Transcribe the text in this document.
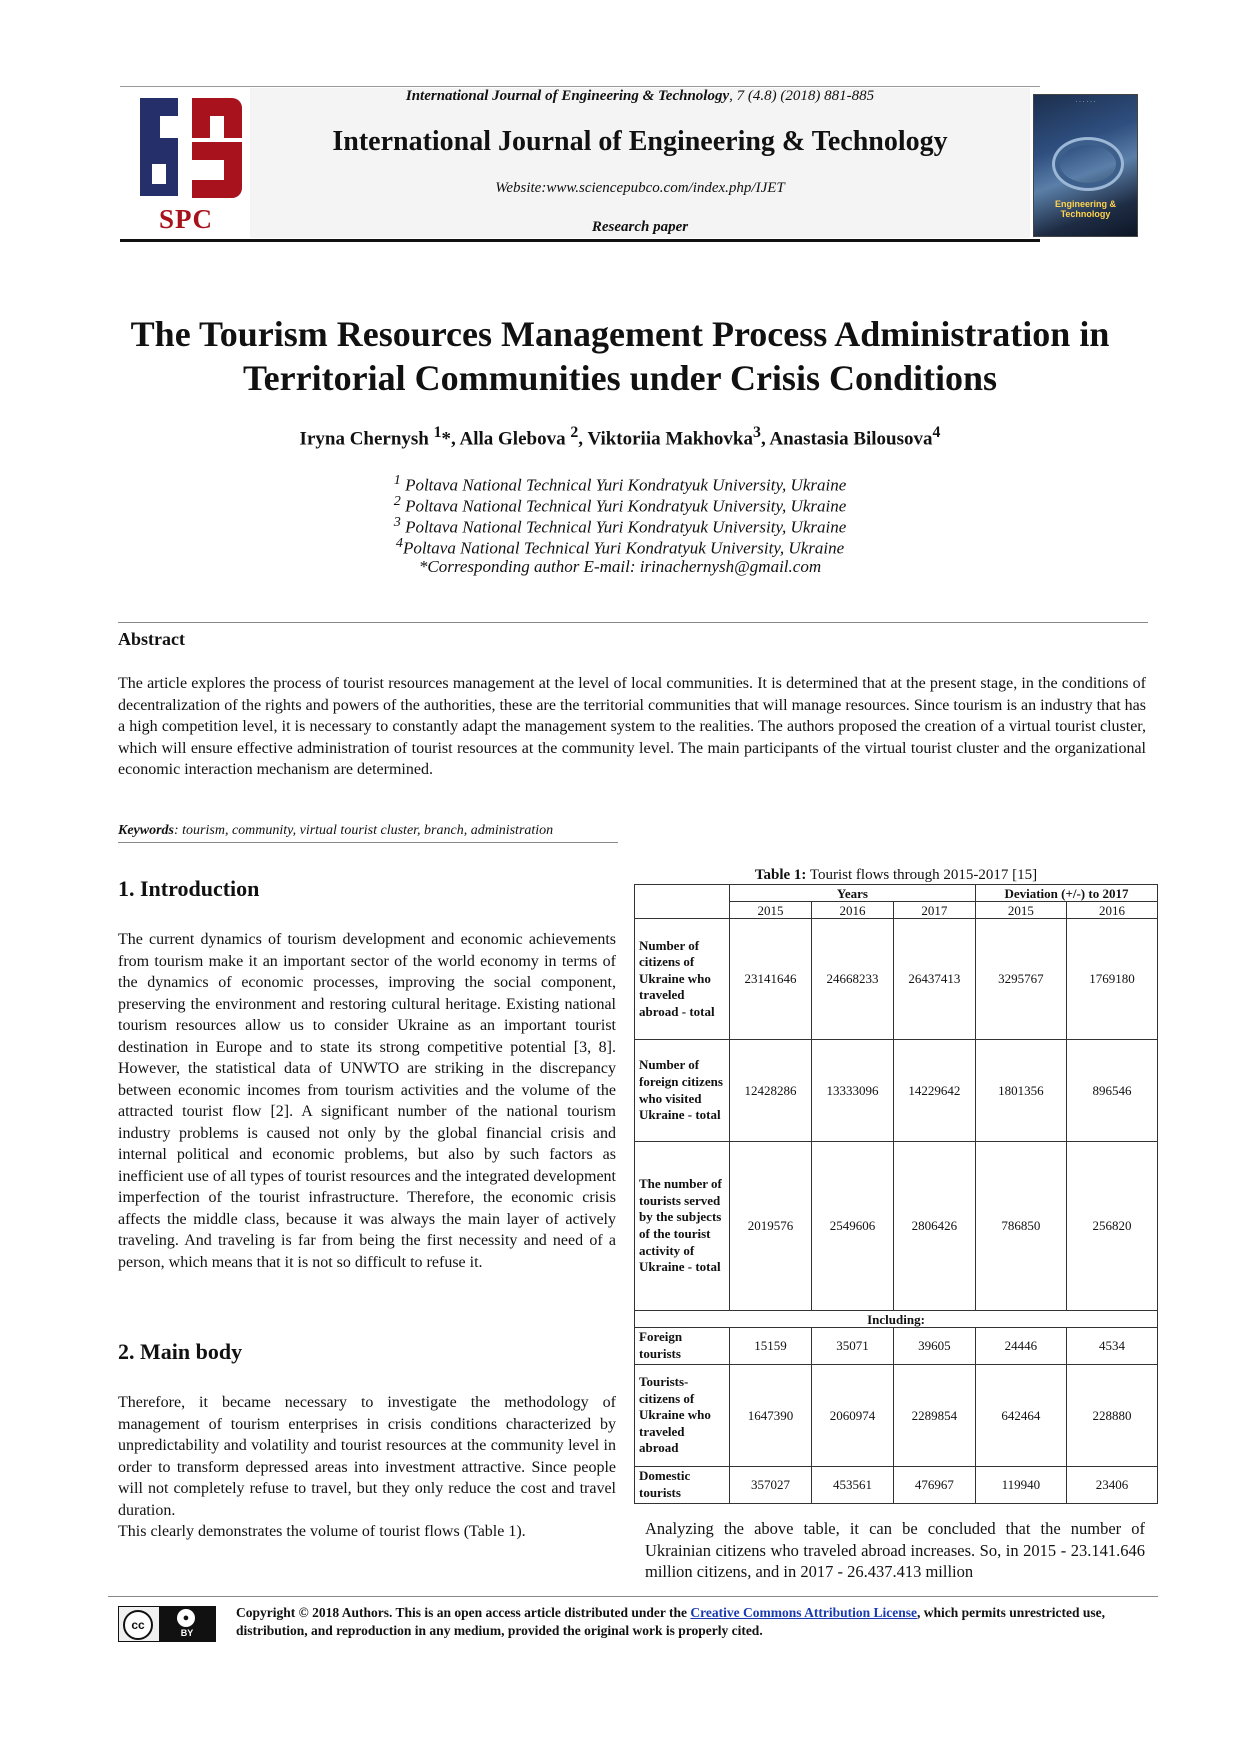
SPC
International Journal of Engineering & Technology, 7 (4.8) (2018) 881-885
International Journal of Engineering & Technology
Website:www.sciencepubco.com/index.php/IJET
Research paper
· · · · · ·
Engineering & Technology
The Tourism Resources Management Process Administration in
Territorial Communities under Crisis Conditions
Iryna Chernysh $^1$*, Alla Glebova $^2$, Viktoriia Makhovka$^3$, Anastasia Bilousova$^4$
$^1$ Poltava National Technical Yuri Kondratyuk University, Ukraine
$^2$ Poltava National Technical Yuri Kondratyuk University, Ukraine
$^3$ Poltava National Technical Yuri Kondratyuk University, Ukraine
$^4$Poltava National Technical Yuri Kondratyuk University, Ukraine
*Corresponding author E-mail: irinachernysh@gmail.com
Abstract
The article explores the process of tourist resources management at the level of local communities. It is determined that at the present stage, in the conditions of decentralization of the rights and powers of the authorities, these are the territorial communities that will manage resources. Since tourism is an industry that has a high competition level, it is necessary to constantly adapt the management system to the realities. The authors proposed the creation of a virtual tourist cluster, which will ensure effective administration of tourist resources at the community level. The main participants of the virtual tourist cluster and the organizational economic interaction mechanism are determined.
Keywords: tourism, community, virtual tourist cluster, branch, administration
1. Introduction
The current dynamics of tourism development and economic achievements from tourism make it an important sector of the world economy in terms of the dynamics of economic processes, improving the social component, preserving the environment and restoring cultural heritage. Existing national tourism resources allow us to consider Ukraine as an important tourist destination in Europe and to state its strong competitive potential [3, 8]. However, the statistical data of UNWTO are striking in the discrepancy between economic incomes from tourism activities and the volume of the attracted tourist flow [2]. A significant number of the national tourism industry problems is caused not only by the global financial crisis and internal political and economic problems, but also by such factors as inefficient use of all types of tourist resources and the integrated development imperfection of the tourist infrastructure. Therefore, the economic crisis affects the middle class, because it was always the main layer of actively traveling. And traveling is far from being the first necessity and need of a person, which means that it is not so difficult to refuse it.
2. Main body
Therefore, it became necessary to investigate the methodology of management of tourism enterprises in crisis conditions characterized by unpredictability and volatility and tourist resources at the community level in order to transform depressed areas into investment attractive. Since people will not completely refuse to travel, but they only reduce the cost and travel duration.
This clearly demonstrates the volume of tourist flows (Table 1).
Table 1: Tourist flows through 2015-2017 [15]
	Years			Deviation (+/-) to 2017	
	2015	2016	2017	2015	2016
Number of citizens of Ukraine who traveled abroad - total	23141646	24668233	26437413	3295767	1769180
Number of foreign citizens who visited Ukraine - total	12428286	13333096	14229642	1801356	896546
The number of tourists served by the subjects of the tourist activity of Ukraine - total	2019576	2549606	2806426	786850	256820
Including:					
Foreign tourists	15159	35071	39605	24446	4534
Tourists-citizens of Ukraine who traveled abroad	1647390	2060974	2289854	642464	228880
Domestic tourists	357027	453561	476967	119940	23406
Analyzing the above table, it can be concluded that the number of Ukrainian citizens who traveled abroad increases. So, in 2015 - 23.141.646 million citizens, and in 2017 - 26.437.413 million
cc	●
BY
Copyright © 2018 Authors. This is an open access article distributed under the Creative Commons Attribution License, which permits unrestricted use, distribution, and reproduction in any medium, provided the original work is properly cited.
